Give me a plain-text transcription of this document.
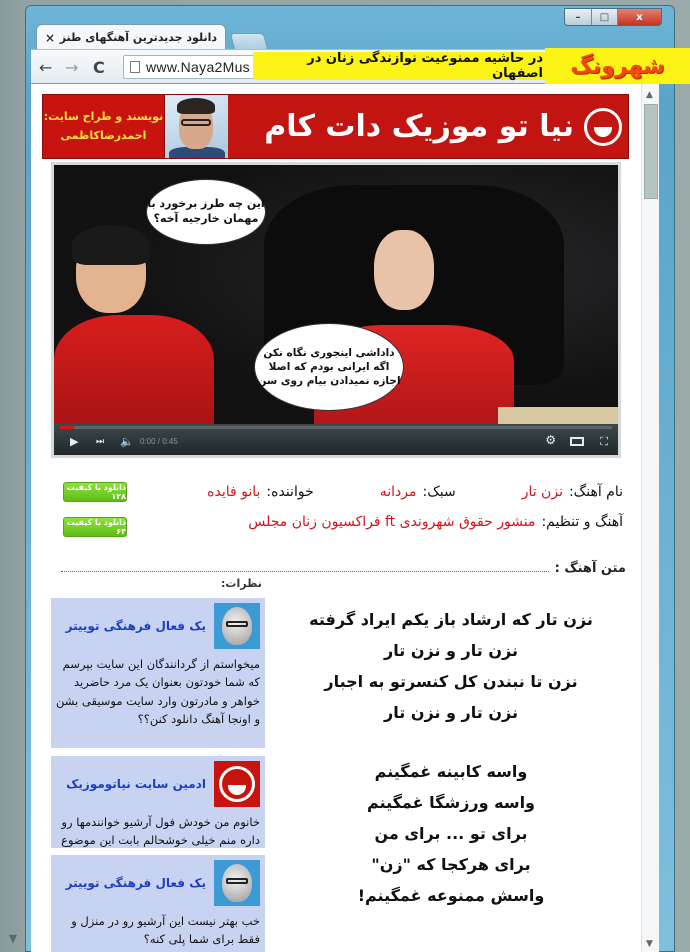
▼
–	□	x
دانلود جدیدترین آهنگهای طنز
×
← → C	www.Naya2Mus
نویسند و طراح سایت:
احمدرضاکاظمی	نیا تو موزیک دات کام
این چه طرز برخورد با مهمان خارجیه آخه؟
داداشی اینجوری نگاه نکن اگه ایرانی بودم که اصلا اجازه نمیدادن بیام روی سن
▶ ⏭ 🔈 0:00 / 0:45	⚙	⛶
دانلود با کیفیت ۱۲۸
دانلود با کیفیت ۶۴
نام آهنگ:
نزن تار
سبک:
مردانه
خواننده:
بانو فایده
آهنگ و تنظیم:
منشور حقوق شهروندی ft فراکسیون زنان مجلس
متن آهنگ :
نظرات:
یک فعال فرهنگی توییتر
میخواستم از گردانندگان این سایت بپرسم که شما خودتون بعنوان یک مرد حاضرید خواهر و مادرتون وارد سایت موسیقی بشن و اونجا آهنگ دانلود کنن؟؟
ادمین سایت نیاتوموزیک
خانوم من خودش فول آرشیو خوانندمها رو داره منم خیلی خوشحالم بابت این موضوع
یک فعال فرهنگی توییتر
خب بهتر نیست این آرشیو رو در منزل و فقط برای شما پلی کنه؟
نزن تار که ارشاد باز یکم ایراد گرفته
نزن تار و نزن تار
نزن تا نبندن کل کنسرتو به اجبار
نزن تار و نزن تار
واسه کابینه غمگینم
واسه ورزشگا غمگینم
برای تو ... برای من
برای هرکجا که "زن"
واسش ممنوعه غمگینم!
▲
▼
در حاشیه ممنوعیت نوازندگی زنان در اصفهان	شهرونگ
